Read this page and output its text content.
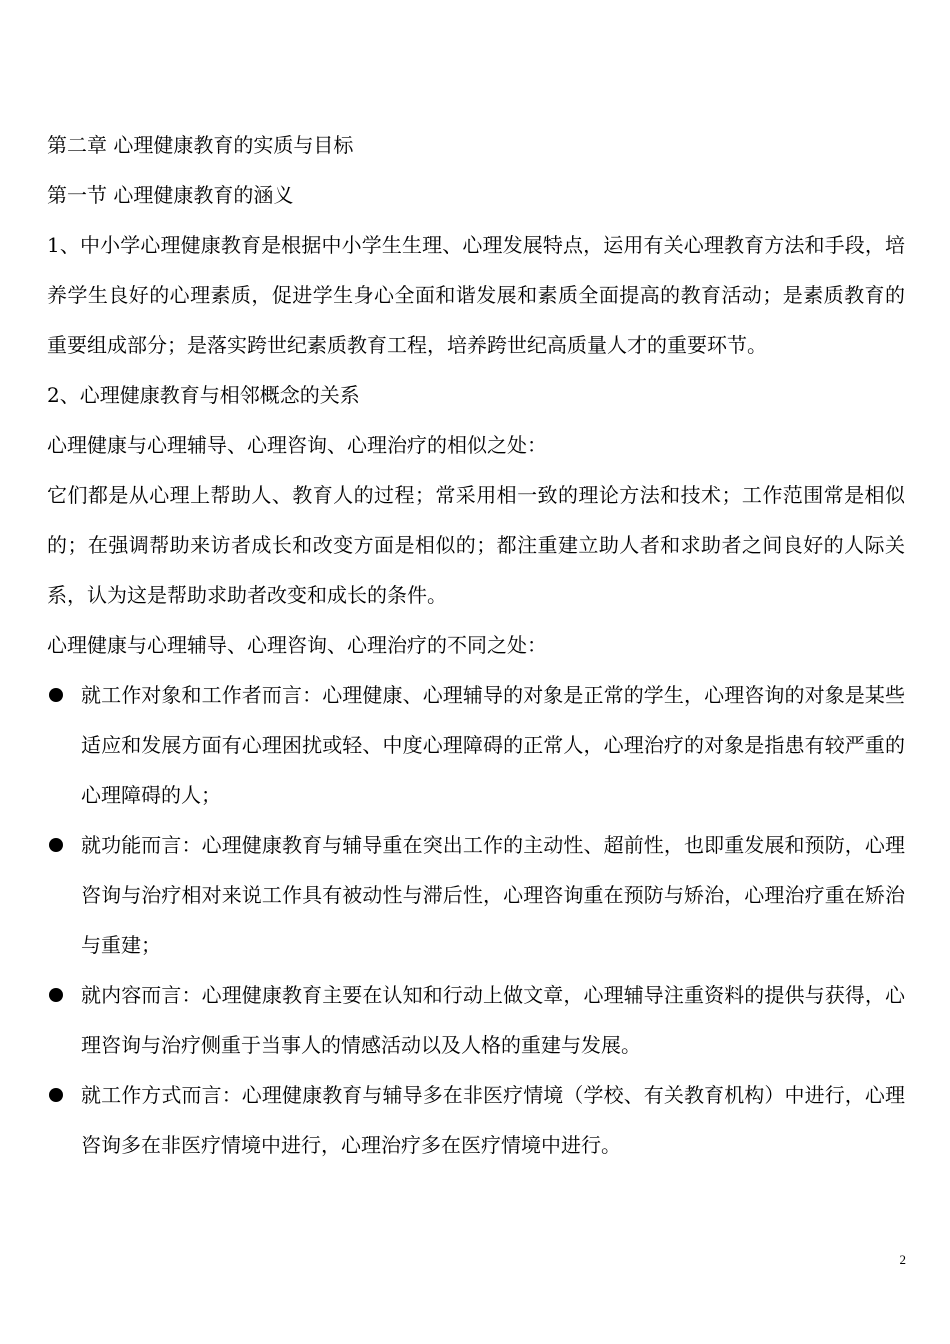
第二章 心理健康教育的实质与目标

第一节 心理健康教育的涵义

1、中小学心理健康教育是根据中小学生生理、心理发展特点，运用有关心理教育方法和手段，培养学生良好的心理素质，促进学生身心全面和谐发展和素质全面提高的教育活动；是素质教育的重要组成部分；是落实跨世纪素质教育工程，培养跨世纪高质量人才的重要环节。

2、心理健康教育与相邻概念的关系

心理健康与心理辅导、心理咨询、心理治疗的相似之处：

它们都是从心理上帮助人、教育人的过程；常采用相一致的理论方法和技术；工作范围常是相似的；在强调帮助来访者成长和改变方面是相似的；都注重建立助人者和求助者之间良好的人际关系，认为这是帮助求助者改变和成长的条件。

心理健康与心理辅导、心理咨询、心理治疗的不同之处：

就工作对象和工作者而言：心理健康、心理辅导的对象是正常的学生，心理咨询的对象是某些适应和发展方面有心理困扰或轻、中度心理障碍的正常人，心理治疗的对象是指患有较严重的心理障碍的人；
就功能而言：心理健康教育与辅导重在突出工作的主动性、超前性，也即重发展和预防，心理咨询与治疗相对来说工作具有被动性与滞后性，心理咨询重在预防与矫治，心理治疗重在矫治与重建；
就内容而言：心理健康教育主要在认知和行动上做文章，心理辅导注重资料的提供与获得，心理咨询与治疗侧重于当事人的情感活动以及人格的重建与发展。
就工作方式而言：心理健康教育与辅导多在非医疗情境（学校、有关教育机构）中进行，心理咨询多在非医疗情境中进行，心理治疗多在医疗情境中进行。
2
